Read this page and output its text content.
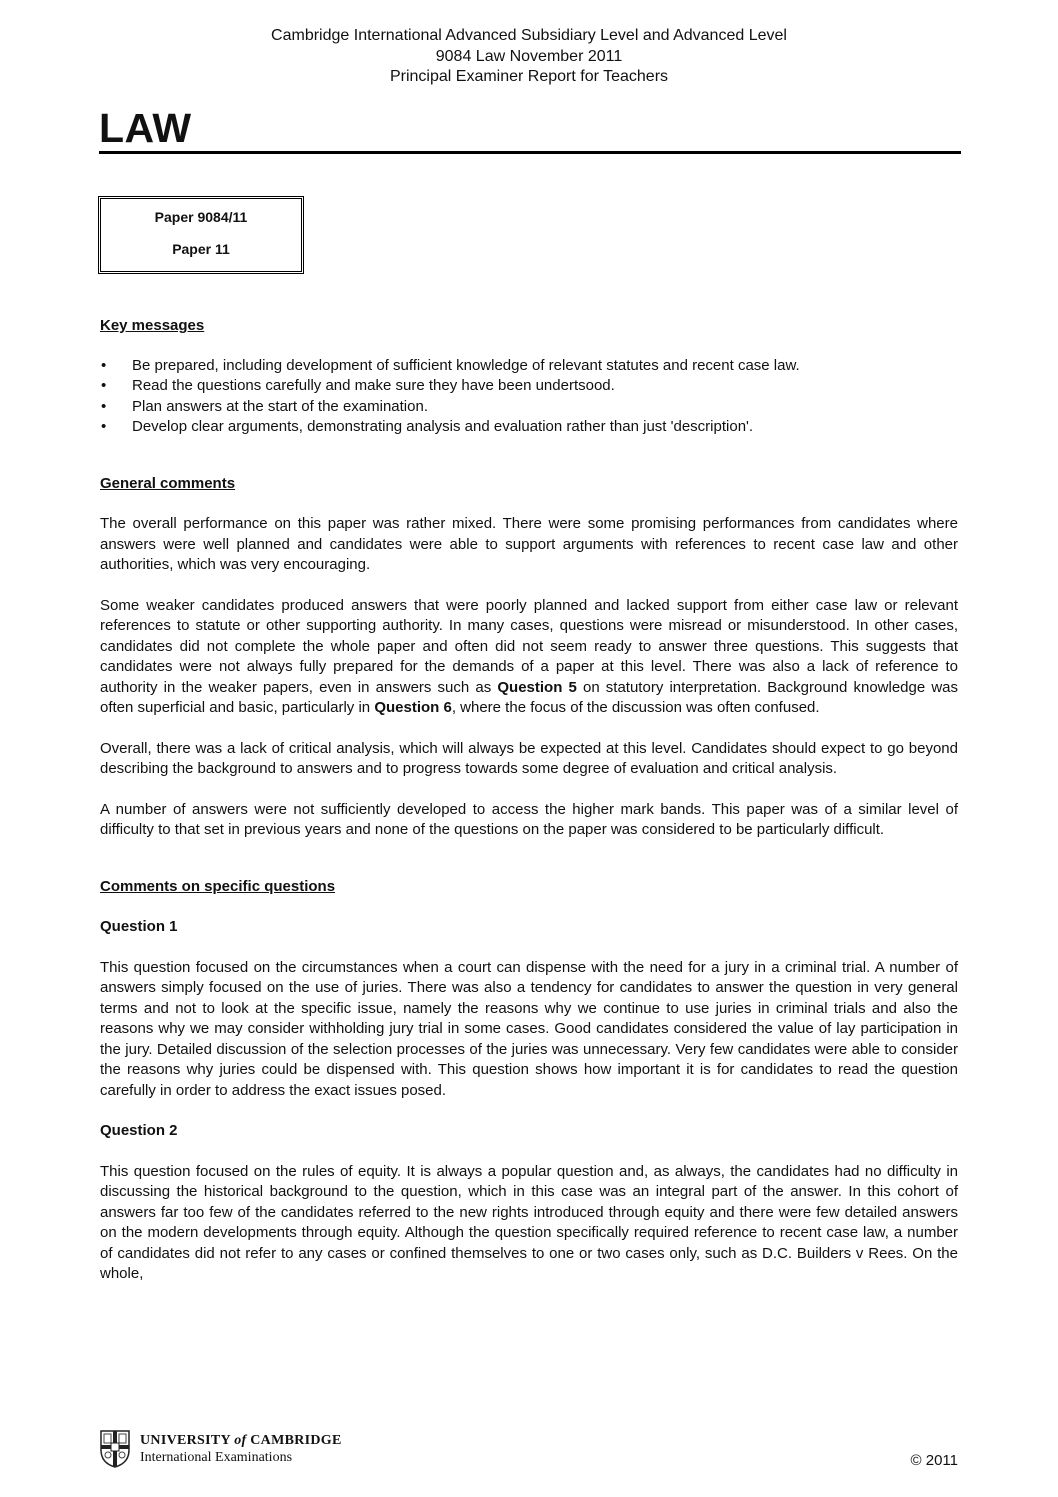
Cambridge International Advanced Subsidiary Level and Advanced Level
9084 Law November 2011
Principal Examiner Report for Teachers
LAW
Paper 9084/11
Paper 11
Key messages
• Be prepared, including development of sufficient knowledge of relevant statutes and recent case law.
• Read the questions carefully and make sure they have been undertsood.
• Plan answers at the start of the examination.
• Develop clear arguments, demonstrating analysis and evaluation rather than just 'description'.
General comments

The overall performance on this paper was rather mixed. There were some promising performances from candidates where answers were well planned and candidates were able to support arguments with references to recent case law and other authorities, which was very encouraging.

Some weaker candidates produced answers that were poorly planned and lacked support from either case law or relevant references to statute or other supporting authority. In many cases, questions were misread or misunderstood. In other cases, candidates did not complete the whole paper and often did not seem ready to answer three questions. This suggests that candidates were not always fully prepared for the demands of a paper at this level. There was also a lack of reference to authority in the weaker papers, even in answers such as Question 5 on statutory interpretation. Background knowledge was often superficial and basic, particularly in Question 6, where the focus of the discussion was often confused.

Overall, there was a lack of critical analysis, which will always be expected at this level. Candidates should expect to go beyond describing the background to answers and to progress towards some degree of evaluation and critical analysis.

A number of answers were not sufficiently developed to access the higher mark bands. This paper was of a similar level of difficulty to that set in previous years and none of the questions on the paper was considered to be particularly difficult.

Comments on specific questions
Question 1

This question focused on the circumstances when a court can dispense with the need for a jury in a criminal trial. A number of answers simply focused on the use of juries. There was also a tendency for candidates to answer the question in very general terms and not to look at the specific issue, namely the reasons why we continue to use juries in criminal trials and also the reasons why we may consider withholding jury trial in some cases. Good candidates considered the value of lay participation in the jury. Detailed discussion of the selection processes of the juries was unnecessary. Very few candidates were able to consider the reasons why juries could be dispensed with. This question shows how important it is for candidates to read the question carefully in order to address the exact issues posed.

Question 2

This question focused on the rules of equity. It is always a popular question and, as always, the candidates had no difficulty in discussing the historical background to the question, which in this case was an integral part of the answer. In this cohort of answers far too few of the candidates referred to the new rights introduced through equity and there were few detailed answers on the modern developments through equity. Although the question specifically required reference to recent case law, a number of candidates did not refer to any cases or confined themselves to one or two cases only, such as D.C. Builders v Rees. On the whole,

UNIVERSITY of CAMBRIDGE
International Examinations	© 2011
